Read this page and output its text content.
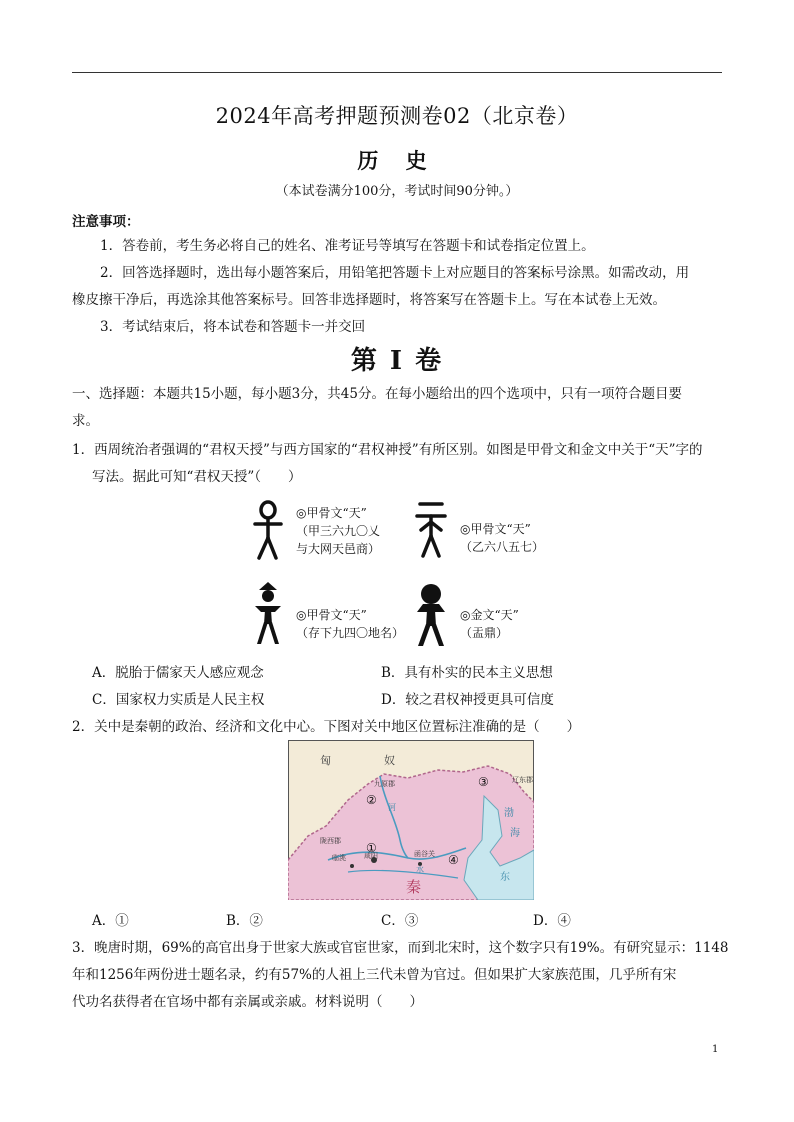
2024年高考押题预测卷02（北京卷）
历 史
（本试卷满分100分，考试时间90分钟。）
注意事项：
1．答卷前，考生务必将自己的姓名、准考证号等填写在答题卡和试卷指定位置上。
2．回答选择题时，选出每小题答案后，用铅笔把答题卡上对应题目的答案标号涂黑。如需改动，用
橡皮擦干净后，再选涂其他答案标号。回答非选择题时，将答案写在答题卡上。写在本试卷上无效。
3．考试结束后，将本试卷和答题卡一并交回
第 I 卷
一、选择题：本题共15小题，每小题3分，共45分。在每小题给出的四个选项中，只有一项符合题目要
求。
1．西周统治者强调的“君权天授”与西方国家的“君权神授”有所区别。如图是甲骨文和金文中关于“天”字的
写法。据此可知“君权天授”（　　）
◎甲骨文“天”
（甲三六九〇乂
与大网天邑商）
◎甲骨文“天”
（乙六八五七）
◎甲骨文“天”
（存下九四〇地名）
◎金文“天”
（盂鼎）
A．脱胎于儒家天人感应观念	B．具有朴实的民本主义思想
C．国家权力实质是人民主权	D．较之君权神授更具可信度
2．关中是秦朝的政治、经济和文化中心。下图对关中地区位置标注准确的是（　　）
匈	奴
九原郡
陇西郡
临洮	咸阳	函谷关
秦
东
渤
海
辽东郡
河
水
①
②
③
④
A．①	B．②	C．③	D．④
3．晚唐时期，69%的高官出身于世家大族或官宦世家，而到北宋时，这个数字只有19%。有研究显示：1148
年和1256年两份进士题名录，约有57%的人祖上三代未曾为官过。但如果扩大家族范围，几乎所有宋
代功名获得者在官场中都有亲属或亲戚。材料说明（　　）
1
